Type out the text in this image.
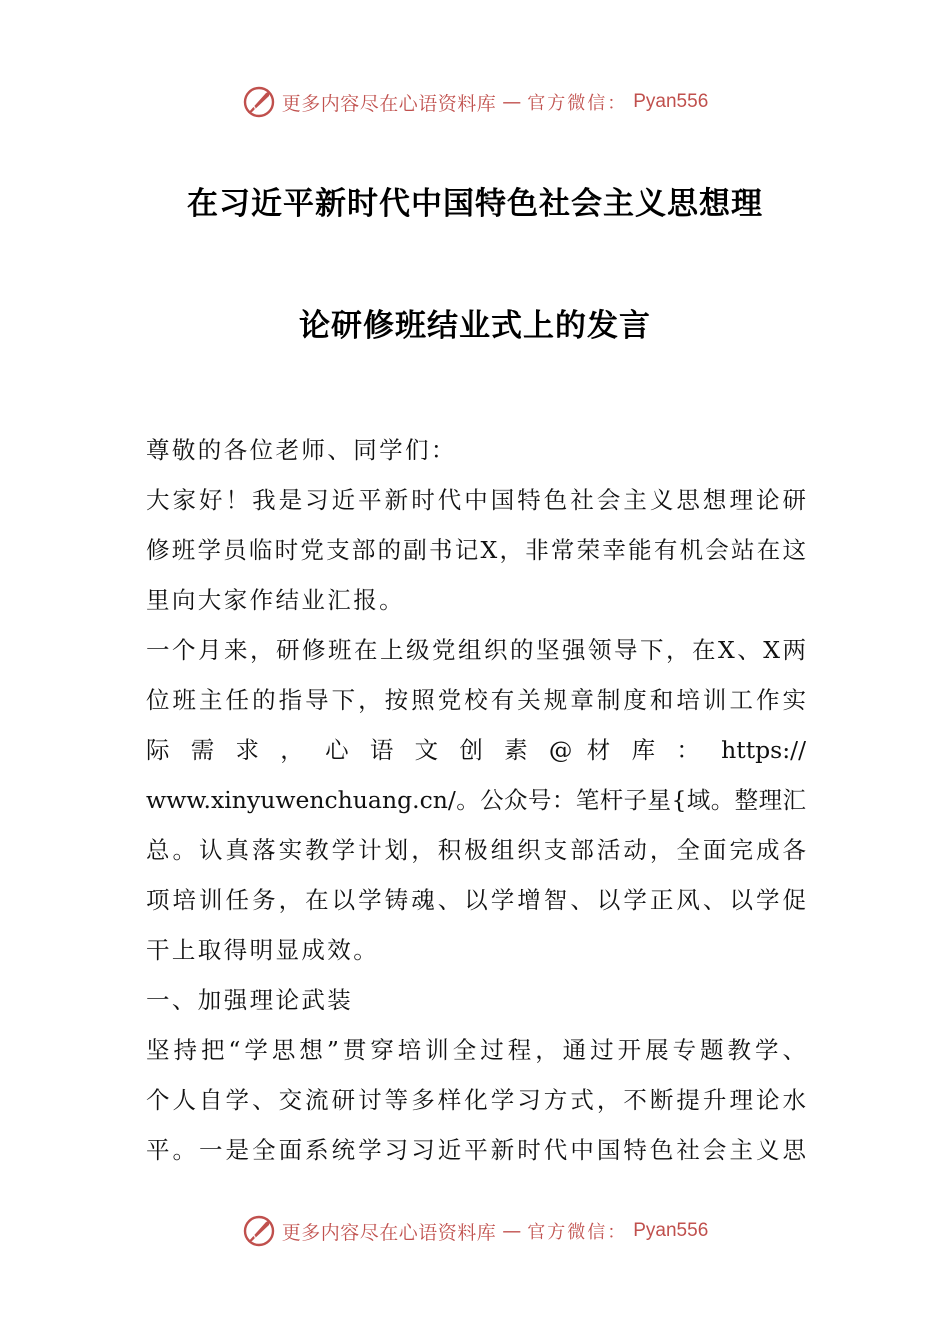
更多内容尽在心语资料库 — 官方微信： Pyan556
在习近平新时代中国特色社会主义思想理
论研修班结业式上的发言
尊敬的各位老师、同学们：
大家好！我是习近平新时代中国特色社会主义思想理论研
修班学员临时党支部的副书记X，非常荣幸能有机会站在这
里向大家作结业汇报。
一个月来，研修班在上级党组织的坚强领导下，在X、X两
位班主任的指导下，按照党校有关规章制度和培训工作实
际 需 求 ， 心 语 文 创 素 @ 材 库 ： https://
www.xinyuwenchuang.cn/。公众号：笔杆子星{域。整理汇
总。认真落实教学计划，积极组织支部活动，全面完成各
项培训任务，在以学铸魂、以学增智、以学正风、以学促
干上取得明显成效。
一、加强理论武装
坚持把“学思想”贯穿培训全过程，通过开展专题教学、
个人自学、交流研讨等多样化学习方式，不断提升理论水
平。一是全面系统学习习近平新时代中国特色社会主义思
更多内容尽在心语资料库 — 官方微信： Pyan556
